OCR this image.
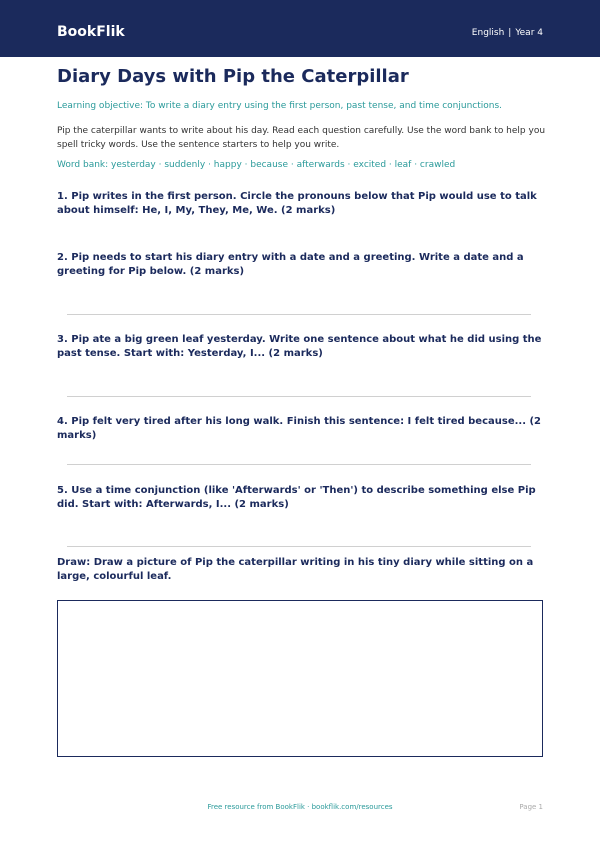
BookFlik	English | Year 4
Diary Days with Pip the Caterpillar
Learning objective: To write a diary entry using the first person, past tense, and time conjunctions.
Pip the caterpillar wants to write about his day. Read each question carefully. Use the word bank to help you spell tricky words. Use the sentence starters to help you write.
Word bank: yesterday · suddenly · happy · because · afterwards · excited · leaf · crawled
1. Pip writes in the first person. Circle the pronouns below that Pip would use to talk about himself: He, I, My, They, Me, We. (2 marks)
2. Pip needs to start his diary entry with a date and a greeting. Write a date and a greeting for Pip below. (2 marks)
3. Pip ate a big green leaf yesterday. Write one sentence about what he did using the past tense. Start with: Yesterday, I... (2 marks)
4. Pip felt very tired after his long walk. Finish this sentence: I felt tired because... (2 marks)
5. Use a time conjunction (like 'Afterwards' or 'Then') to describe something else Pip did. Start with: Afterwards, I... (2 marks)
Draw: Draw a picture of Pip the caterpillar writing in his tiny diary while sitting on a large, colourful leaf.
Free resource from BookFlik · bookflik.com/resources	Page 1
